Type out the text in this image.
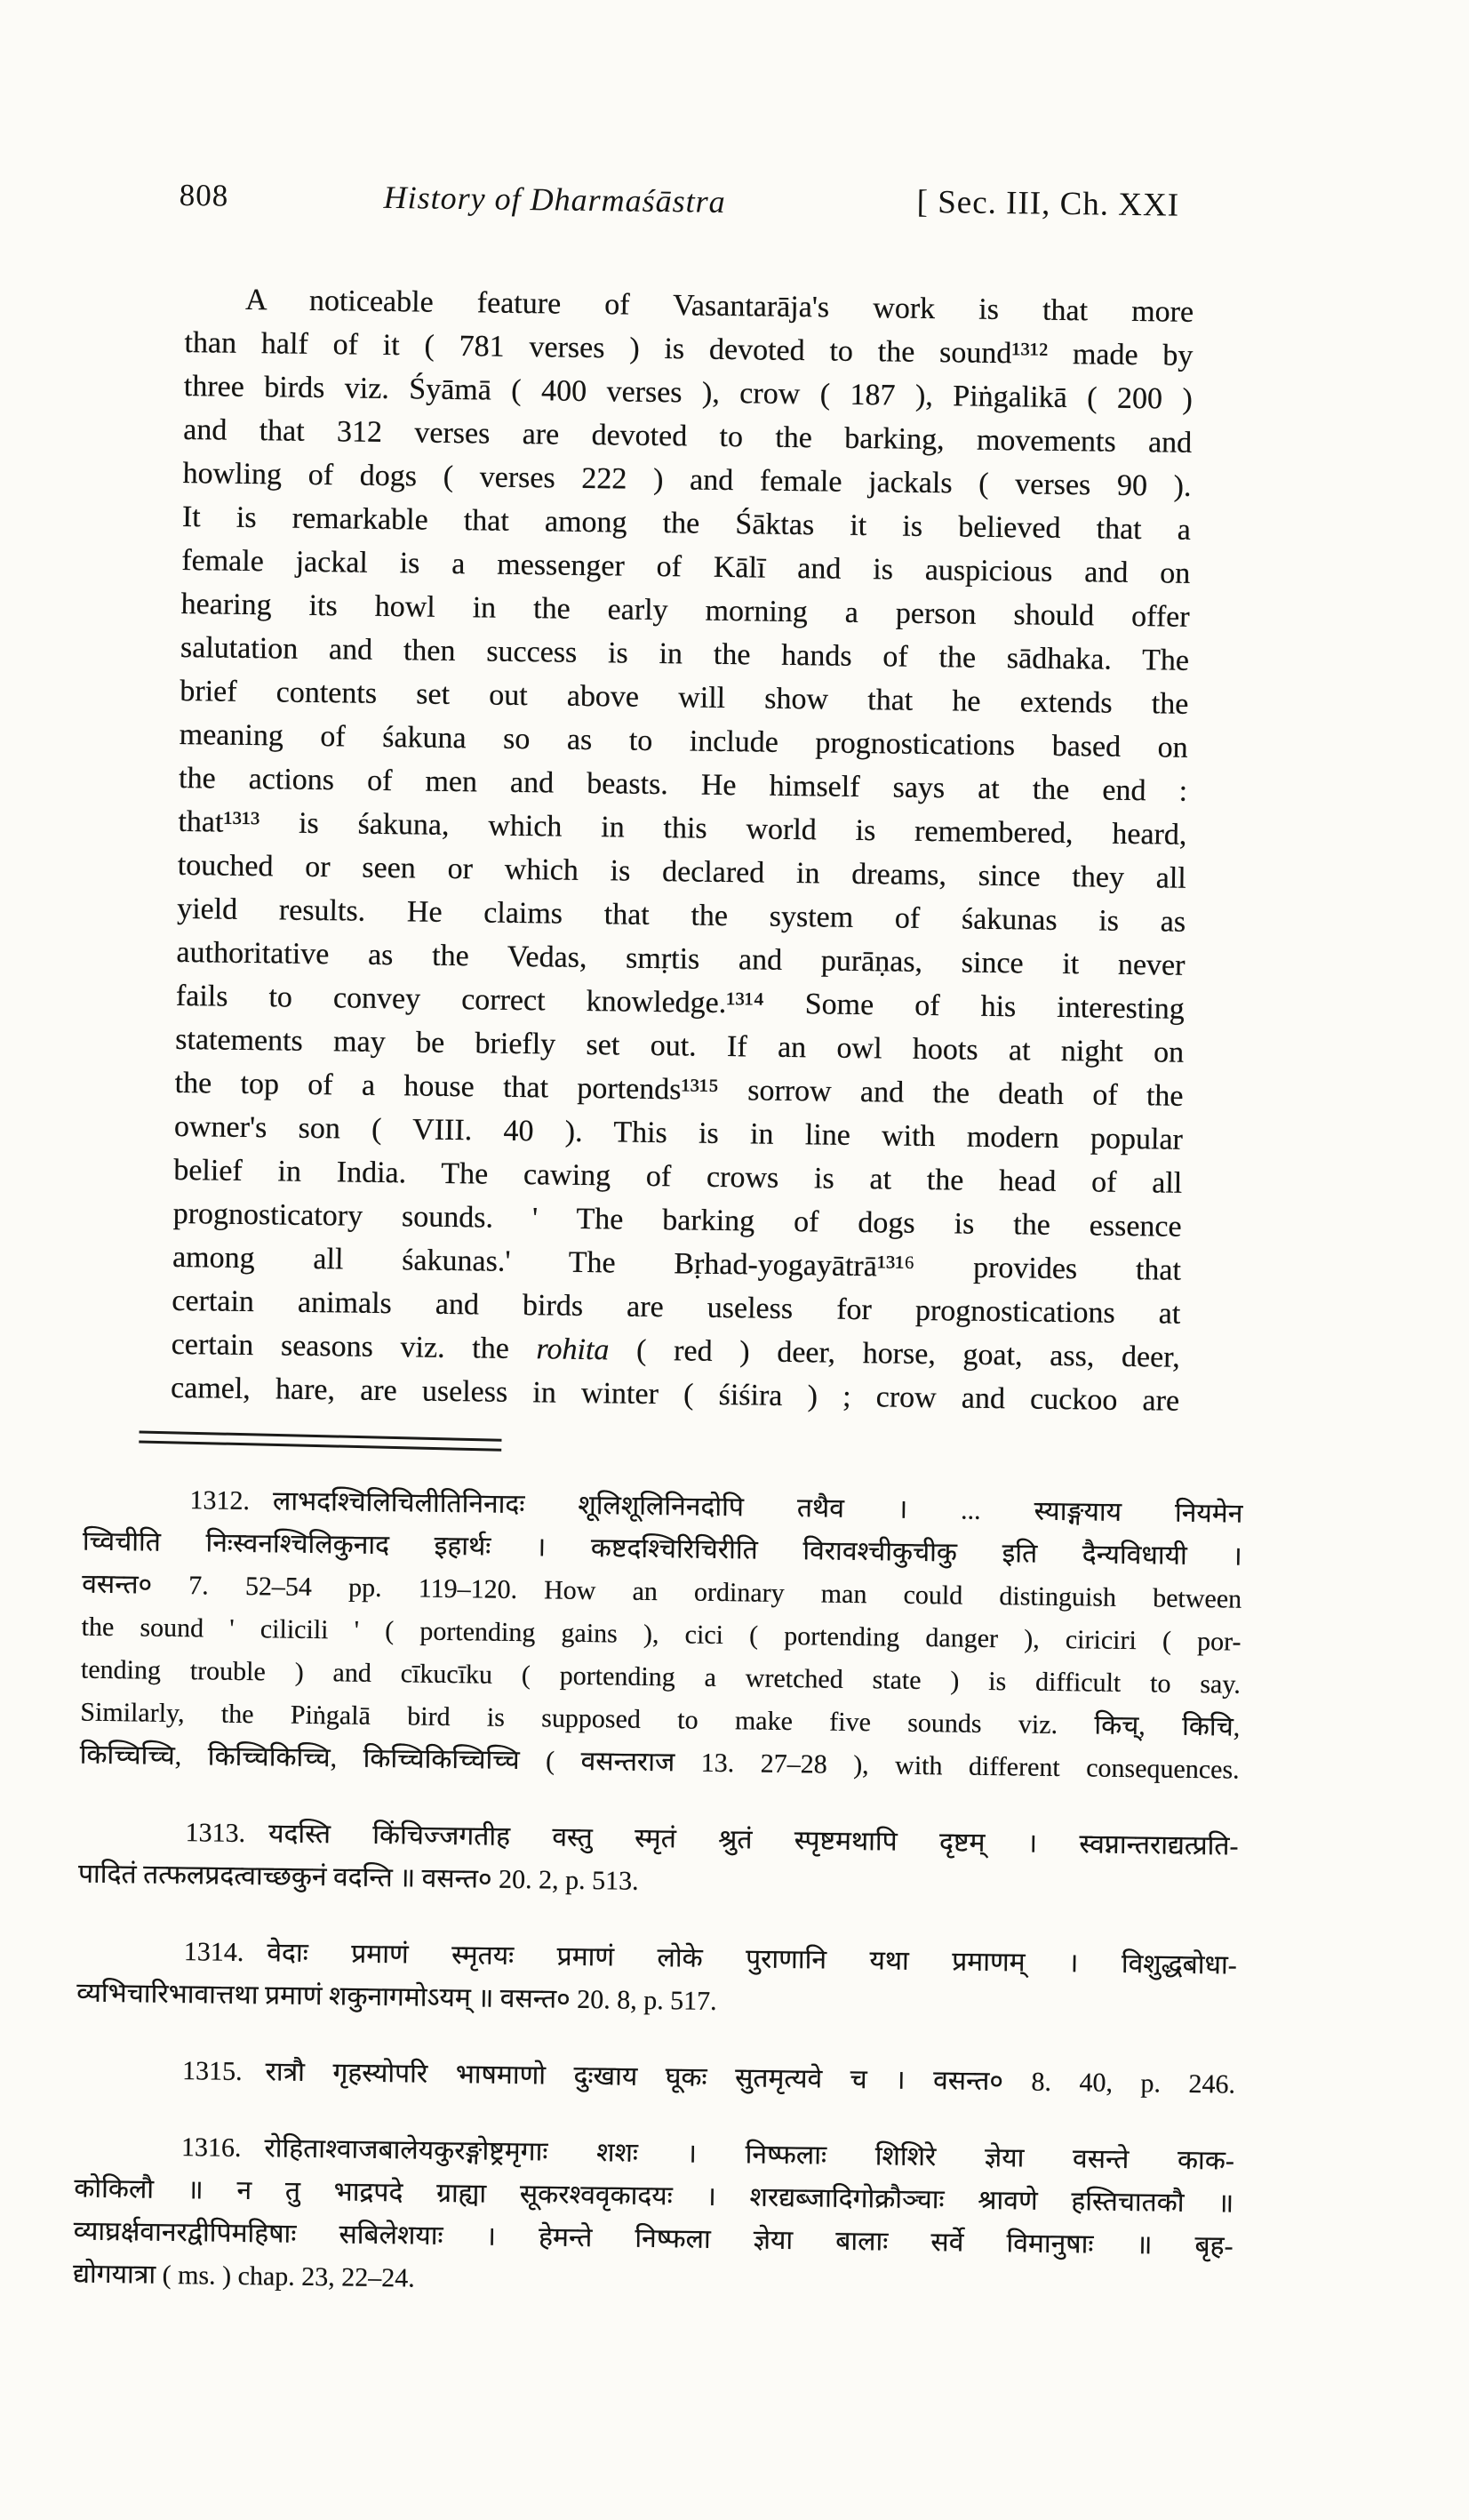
808	History of Dharmaśāstra	[ Sec. III, Ch. XXI
A noticeable feature of Vasantarāja's work is that more
than half of it ( 781 verses ) is devoted to the sound¹³¹² made by
three birds viz. Śyāmā ( 400 verses ), crow ( 187 ), Piṅgalikā ( 200 )
and that 312 verses are devoted to the barking, movements and
howling of dogs ( verses 222 ) and female jackals ( verses 90 ).
It is remarkable that among the Śāktas it is believed that a
female jackal is a messenger of Kālī and is auspicious and on
hearing its howl in the early morning a person should offer
salutation and then success is in the hands of the sādhaka. The
brief contents set out above will show that he extends the
meaning of śakuna so as to include prognostications based on
the actions of men and beasts. He himself says at the end :
that¹³¹³ is śakuna, which in this world is remembered, heard,
touched or seen or which is declared in dreams, since they all
yield results. He claims that the system of śakunas is as
authoritative as the Vedas, smṛtis and purāṇas, since it never
fails to convey correct knowledge.¹³¹⁴ Some of his interesting
statements may be briefly set out. If an owl hoots at night on
the top of a house that portends¹³¹⁵ sorrow and the death of the
owner's son ( VIII. 40 ). This is in line with modern popular
belief in India. The cawing of crows is at the head of all
prognosticatory sounds. ' The barking of dogs is the essence
among all śakunas.' The Bṛhad-yogayātrā¹³¹⁶ provides that
certain animals and birds are useless for prognostications at
certain seasons viz. the rohita ( red ) deer, horse, goat, ass, deer,
camel, hare, are useless in winter ( śiśira ) ; crow and cuckoo are
1312. लाभदश्चिलिचिलीतिनिनादः शूलिशूलिनिनदोपि तथैव । ... स्याङ्गयाय नियमेन
च्विचीति निःस्वनश्चिलिकुनाद इहार्थः । कष्टदश्चिरिचिरीति विरावश्चीकुचीकु इति दैन्यविधायी ।
वसन्त० 7. 52–54 pp. 119–120. How an ordinary man could distinguish between
the sound ' cilicili ' ( portending gains ), cici ( portending danger ), ciriciri ( por-
tending trouble ) and cīkucīku ( portending a wretched state ) is difficult to say.
Similarly, the Piṅgalā bird is supposed to make five sounds viz. किच्, किचि,
किच्चिच्चि, किच्चिकिच्चि, किच्चिकिच्चिच्चि ( वसन्तराज 13. 27–28 ), with different consequences.
1313. यदस्ति किंचिज्जगतीह वस्तु स्मृतं श्रुतं स्पृष्टमथापि दृष्टम् । स्वप्नान्तराद्यत्प्रति-
पादितं तत्फलप्रदत्वाच्छकुनं वदन्ति ॥ वसन्त० 20. 2, p. 513.
1314. वेदाः प्रमाणं स्मृतयः प्रमाणं लोके पुराणानि यथा प्रमाणम् । विशुद्धबोधा-
व्यभिचारिभावात्तथा प्रमाणं शकुनागमोऽयम् ॥ वसन्त० 20. 8, p. 517.
1315. रात्रौ गृहस्योपरि भाषमाणो दुःखाय घूकः सुतमृत्यवे च । वसन्त० 8. 40, p. 246.
1316. रोहिताश्वाजबालेयकुरङ्गोष्ट्रमृगाः शशः । निष्फलाः शिशिरे ज्ञेया वसन्ते काक-
कोकिलौ ॥ न तु भाद्रपदे ग्राह्या सूकरश्ववृकादयः । शरद्यब्जादिगोक्रौञ्चाः श्रावणे हस्तिचातकौ ॥
व्याघ्रर्क्षवानरद्वीपिमहिषाः सबिलेशयाः । हेमन्ते निष्फला ज्ञेया बालाः सर्वे विमानुषाः ॥ बृह-
द्योगयात्रा ( ms. ) chap. 23, 22–24.
